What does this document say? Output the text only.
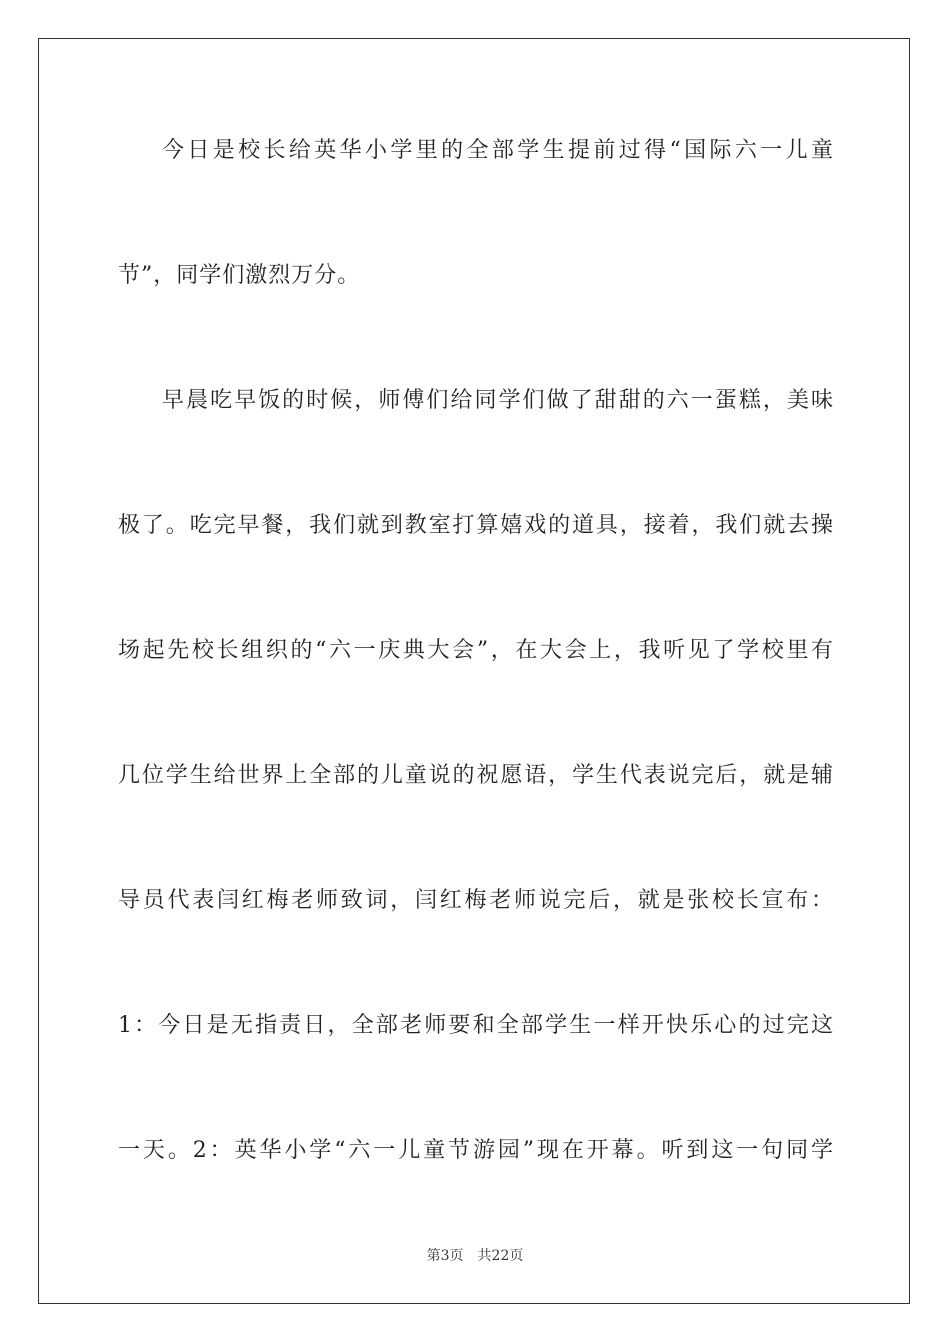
今日是校长给英华小学里的全部学生提前过得“国际六一儿童
节”，同学们激烈万分。
早晨吃早饭的时候，师傅们给同学们做了甜甜的六一蛋糕，美味
极了。吃完早餐，我们就到教室打算嬉戏的道具，接着，我们就去操
场起先校长组织的“六一庆典大会”，在大会上，我听见了学校里有
几位学生给世界上全部的儿童说的祝愿语，学生代表说完后，就是辅
导员代表闫红梅老师致词，闫红梅老师说完后，就是张校长宣布：
1：今日是无指责日，全部老师要和全部学生一样开快乐心的过完这
一天。2：英华小学“六一儿童节游园”现在开幕。听到这一句同学
第3页 共22页
